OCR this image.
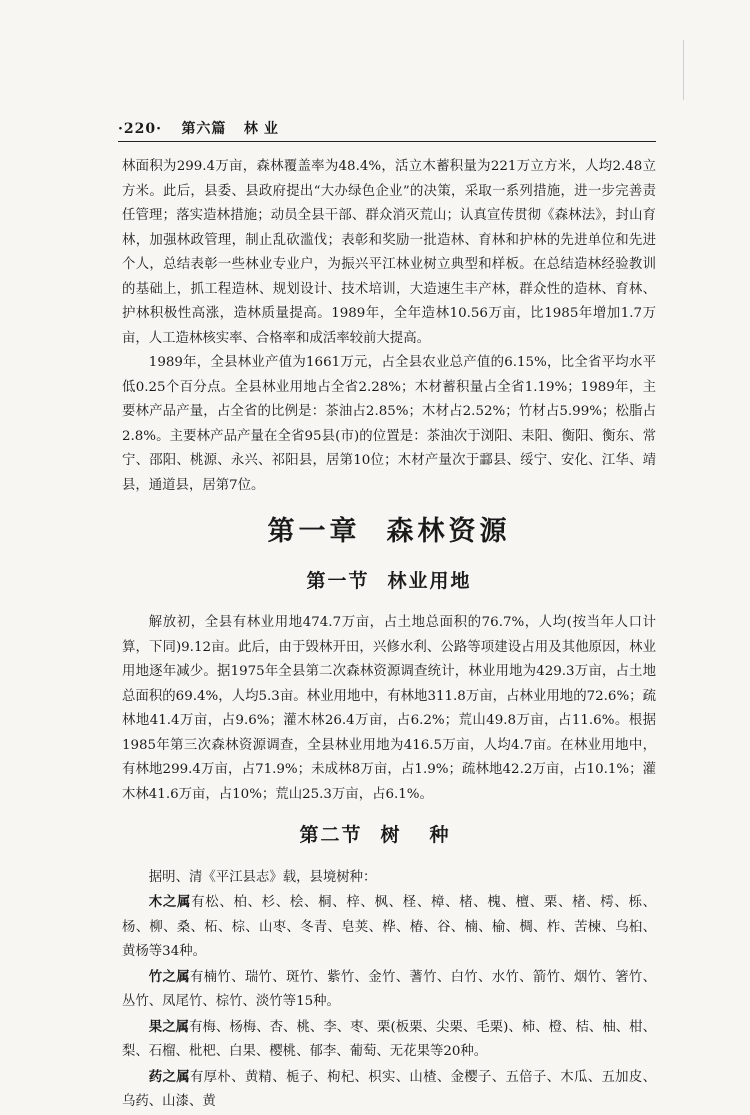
·220· 第六篇 林业

林面积为299.4万亩，森林覆盖率为48.4%，活立木蓄积量为221万立方米，人均2.48立方米。此后，县委、县政府提出“大办绿色企业”的决策，采取一系列措施，进一步完善责任管理；落实造林措施；动员全县干部、群众消灭荒山；认真宣传贯彻《森林法》，封山育林，加强林政管理，制止乱砍滥伐；表彰和奖励一批造林、育林和护林的先进单位和先进个人，总结表彰一些林业专业户，为振兴平江林业树立典型和样板。在总结造林经验教训的基础上，抓工程造林、规划设计、技术培训，大造速生丰产林，群众性的造林、育林、护林积极性高涨，造林质量提高。1989年，全年造林10.56万亩，比1985年增加1.7万亩，人工造林核实率、合格率和成活率较前大提高。

1989年，全县林业产值为1661万元，占全县农业总产值的6.15%，比全省平均水平低0.25个百分点。全县林业用地占全省2.28%；木材蓄积量占全省1.19%；1989年，主要林产品产量，占全省的比例是：茶油占2.85%；木材占2.52%；竹材占5.99%；松脂占2.8%。主要林产品产量在全省95县(市)的位置是：茶油次于浏阳、耒阳、衡阳、衡东、常宁、邵阳、桃源、永兴、祁阳县，居第10位；木材产量次于酃县、绥宁、安化、江华、靖县，通道县，居第7位。

第一章 森林资源
第一节 林业用地

解放初，全县有林业用地474.7万亩，占土地总面积的76.7%，人均(按当年人口计算，下同)9.12亩。此后，由于毁林开田，兴修水利、公路等项建设占用及其他原因，林业用地逐年减少。据1975年全县第二次森林资源调查统计，林业用地为429.3万亩，占土地总面积的69.4%，人均5.3亩。林业用地中，有林地311.8万亩，占林业用地的72.6%；疏林地41.4万亩，占9.6%；灌木林26.4万亩，占6.2%；荒山49.8万亩，占11.6%。根据1985年第三次森林资源调查，全县林业用地为416.5万亩，人均4.7亩。在林业用地中，有林地299.4万亩，占71.9%；未成林8万亩，占1.9%；疏林地42.2万亩，占10.1%；灌木林41.6万亩，占10%；荒山25.3万亩，占6.1%。

第二节 树种

据明、清《平江县志》载，县境树种：

木之属有松、柏、杉、桧、桐、梓、枫、柽、樟、楮、槐、檀、栗、楮、樗、栎、杨、柳、桑、柘、棕、山枣、冬青、皂荚、桦、椿、谷、楠、榆、椆、柞、苦楝、乌桕、黄杨等34种。

竹之属有楠竹、瑞竹、斑竹、紫竹、金竹、蓍竹、白竹、水竹、箭竹、烟竹、箸竹、丛竹、凤尾竹、棕竹、淡竹等15种。

果之属有梅、杨梅、杏、桃、李、枣、栗(板栗、尖栗、毛栗)、柿、橙、桔、柚、柑、梨、石榴、枇杷、白果、樱桃、郁李、葡萄、无花果等20种。

药之属有厚朴、黄精、栀子、枸杞、枳实、山楂、金樱子、五倍子、木瓜、五加皮、乌药、山漆、黄
